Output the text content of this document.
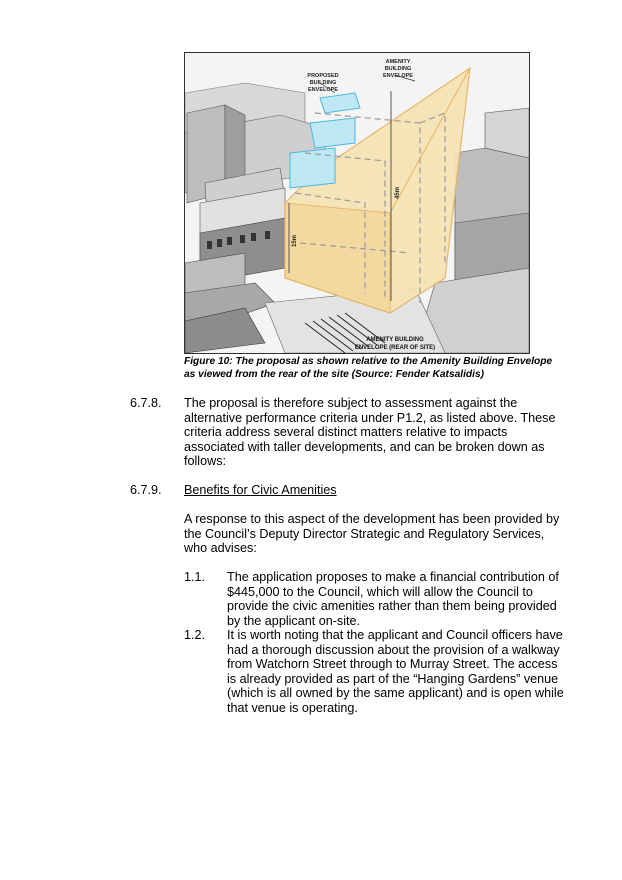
AMENITY
BUILDING
ENVELOPE
PROPOSED
BUILDING
ENVELOPE
45m
15m
AMENITY BUILDING
ENVELOPE (REAR OF SITE)
Figure 10: The proposal as shown relative to the Amenity Building Envelope
as viewed from the rear of the site (Source: Fender Katsalidis)
6.7.8. The proposal is therefore subject to assessment against the
alternative performance criteria under P1.2, as listed above. These
criteria address several distinct matters relative to impacts
associated with taller developments, and can be broken down as
follows:
6.7.9. Benefits for Civic Amenities
A response to this aspect of the development has been provided by
the Council’s Deputy Director Strategic and Regulatory Services,
who advises:
1.1. The application proposes to make a financial contribution of
$445,000 to the Council, which will allow the Council to
provide the civic amenities rather than them being provided
by the applicant on-site.
1.2. It is worth noting that the applicant and Council officers have
had a thorough discussion about the provision of a walkway
from Watchorn Street through to Murray Street. The access
is already provided as part of the “Hanging Gardens” venue
(which is all owned by the same applicant) and is open while
that venue is operating.
